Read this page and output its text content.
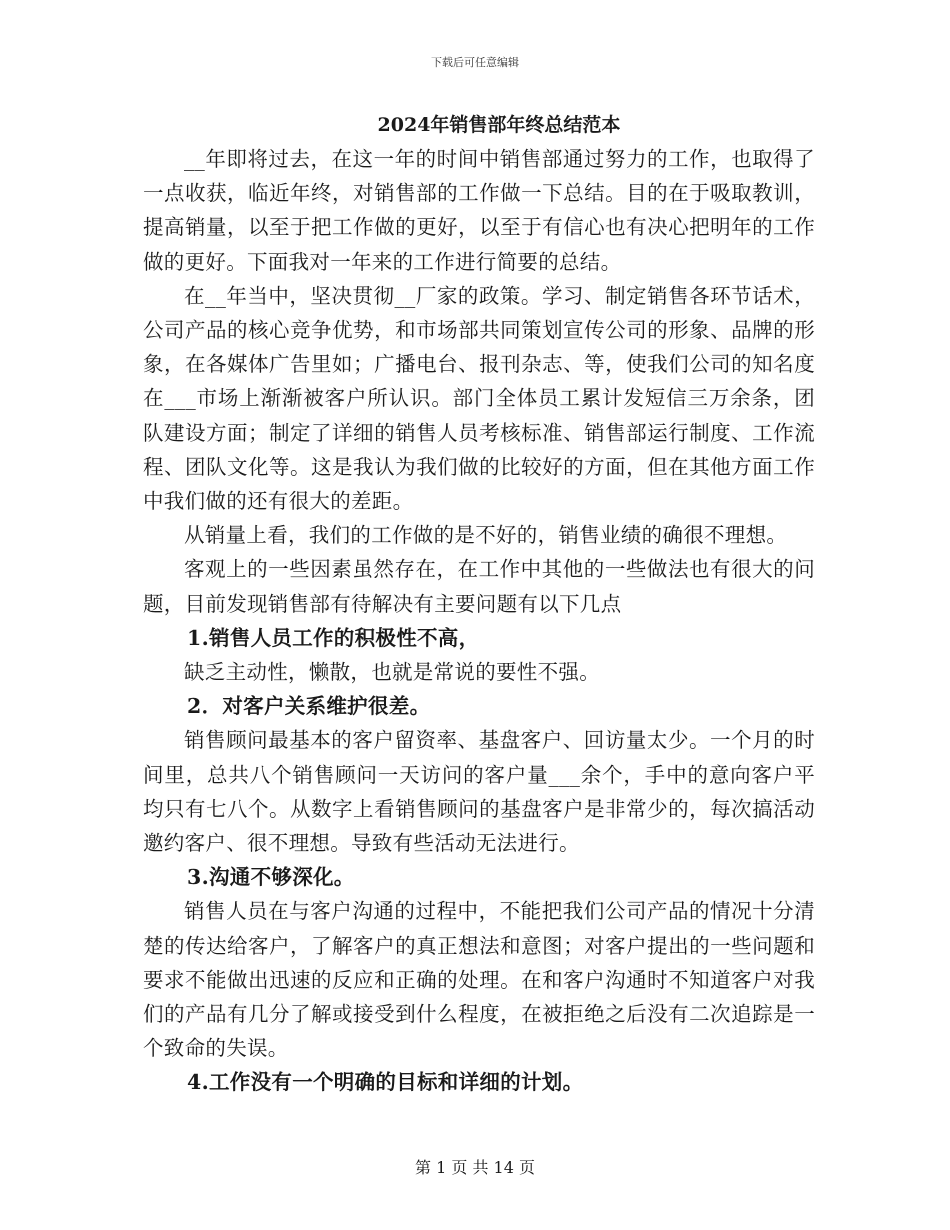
下载后可任意编辑
2024年销售部年终总结范本

__年即将过去，在这一年的时间中销售部通过努力的工作，也取得了一点收获，临近年终，对销售部的工作做一下总结。目的在于吸取教训，提高销量，以至于把工作做的更好，以至于有信心也有决心把明年的工作做的更好。下面我对一年来的工作进行简要的总结。

在__年当中，坚决贯彻__厂家的政策。学习、制定销售各环节话术，公司产品的核心竞争优势，和市场部共同策划宣传公司的形象、品牌的形象，在各媒体广告里如；广播电台、报刊杂志、等，使我们公司的知名度在___市场上渐渐被客户所认识。部门全体员工累计发短信三万余条，团队建设方面；制定了详细的销售人员考核标准、销售部运行制度、工作流程、团队文化等。这是我认为我们做的比较好的方面，但在其他方面工作中我们做的还有很大的差距。

从销量上看，我们的工作做的是不好的，销售业绩的确很不理想。

客观上的一些因素虽然存在，在工作中其他的一些做法也有很大的问题，目前发现销售部有待解决有主要问题有以下几点

1.销售人员工作的积极性不高，

缺乏主动性，懒散，也就是常说的要性不强。

2．对客户关系维护很差。

销售顾问最基本的客户留资率、基盘客户、回访量太少。一个月的时间里，总共八个销售顾问一天访问的客户量___余个，手中的意向客户平均只有七八个。从数字上看销售顾问的基盘客户是非常少的，每次搞活动邀约客户、很不理想。导致有些活动无法进行。

3.沟通不够深化。

销售人员在与客户沟通的过程中，不能把我们公司产品的情况十分清楚的传达给客户，了解客户的真正想法和意图；对客户提出的一些问题和要求不能做出迅速的反应和正确的处理。在和客户沟通时不知道客户对我们的产品有几分了解或接受到什么程度，在被拒绝之后没有二次追踪是一个致命的失误。

4.工作没有一个明确的目标和详细的计划。
第 1 页 共 14 页
